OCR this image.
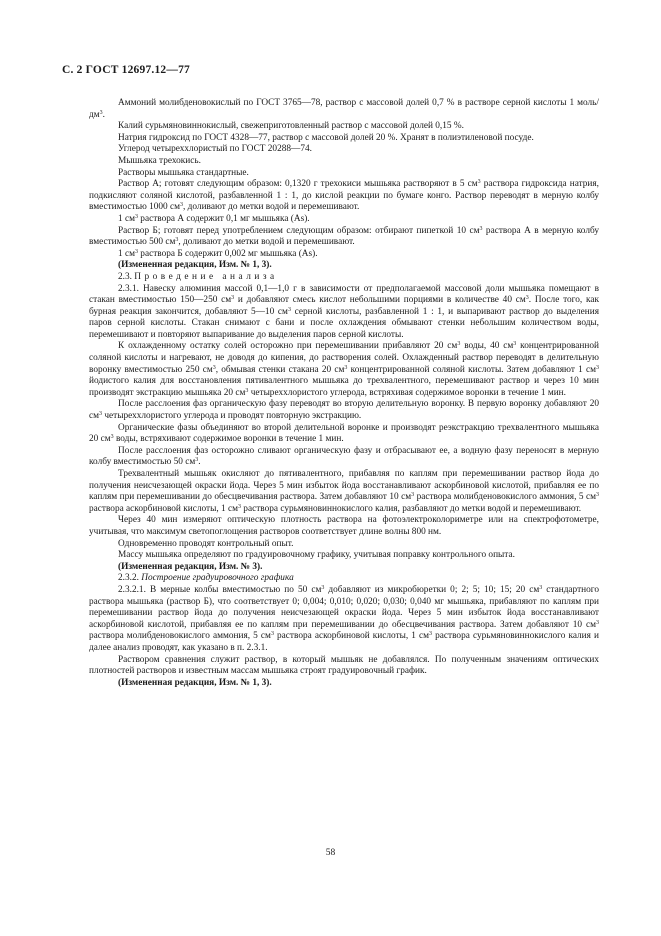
С. 2 ГОСТ 12697.12—77

Аммоний молибденовокислый по ГОСТ 3765—78, раствор с массовой долей 0,7 % в растворе серной кислоты 1 моль/$дм^3$.

Калий сурьмяновиннокислый, свежеприготовленный раствор с массовой долей 0,15 %.

Натрия гидроксид по ГОСТ 4328—77, раствор с массовой долей 20 %. Хранят в полиэтиленовой посуде.

Углерод четыреххлористый по ГОСТ 20288—74.

Мышьяка трехокись.

Растворы мышьяка стандартные.

Раствор А; готовят следующим образом: 0,1320 г трехокиси мышьяка растворяют в 5 $см^3$ раствора гидроксида натрия, подкисляют соляной кислотой, разбавленной 1 : 1, до кислой реакции по бумаге конго. Раствор переводят в мерную колбу вместимостью 1000 $см^3$, доливают до метки водой и перемешивают.

1 $см^3$ раствора А содержит 0,1 мг мышьяка (As).

Раствор Б; готовят перед употреблением следующим образом: отбирают пипеткой 10 $см^3$ раствора А в мерную колбу вместимостью 500 $см^3$, доливают до метки водой и перемешивают.

1 $см^3$ раствора Б содержит 0,002 мг мышьяка (As).

(Измененная редакция, Изм. № 1, 3).

2.3. Проведение анализа

2.3.1. Навеску алюминия массой 0,1—1,0 г в зависимости от предполагаемой массовой доли мышьяка помещают в стакан вместимостью 150—250 $см^3$ и добавляют смесь кислот небольшими порциями в количестве 40 $см^3$. После того, как бурная реакция закончится, добавляют 5—10 $см^3$ серной кислоты, разбавленной 1 : 1, и выпаривают раствор до выделения паров серной кислоты. Стакан снимают с бани и после охлаждения обмывают стенки небольшим количеством воды, перемешивают и повторяют выпаривание до выделения паров серной кислоты.

К охлажденному остатку солей осторожно при перемешивании прибавляют 20 $см^3$ воды, 40 $см^3$ концентрированной соляной кислоты и нагревают, не доводя до кипения, до растворения солей. Охлажденный раствор переводят в делительную воронку вместимостью 250 $см^3$, обмывая стенки стакана 20 $см^3$ концентрированной соляной кислоты. Затем добавляют 1 $см^3$ йодистого калия для восстановления пятивалентного мышьяка до трехвалентного, перемешивают раствор и через 10 мин производят экстракцию мышьяка 20 $см^3$ четыреххлористого углерода, встряхивая содержимое воронки в течение 1 мин.

После расслоения фаз органическую фазу переводят во вторую делительную воронку. В первую воронку добавляют 20 $см^3$ четыреххлористого углерода и проводят повторную экстракцию.

Органические фазы объединяют во второй делительной воронке и производят реэкстракцию трехвалентного мышьяка 20 $см^3$ воды, встряхивают содержимое воронки в течение 1 мин.

После расслоения фаз осторожно сливают органическую фазу и отбрасывают ее, а водную фазу переносят в мерную колбу вместимостью 50 $см^3$.

Трехвалентный мышьяк окисляют до пятивалентного, прибавляя по каплям при перемешивании раствор йода до получения неисчезающей окраски йода. Через 5 мин избыток йода восстанавливают аскорбиновой кислотой, прибавляя ее по каплям при перемешивании до обесцвечивания раствора. Затем добавляют 10 $см^3$ раствора молибденовокислого аммония, 5 $см^3$ раствора аскорбиновой кислоты, 1 $см^3$ раствора сурьмяновиннокислого калия, разбавляют до метки водой и перемешивают.

Через 40 мин измеряют оптическую плотность раствора на фотоэлектроколориметре или на спектрофотометре, учитывая, что максимум светопоглощения растворов соответствует длине волны 800 нм.

Одновременно проводят контрольный опыт.

Массу мышьяка определяют по градуировочному графику, учитывая поправку контрольного опыта.

(Измененная редакция, Изм. № 3).

2.3.2. Построение градуировочного графика

2.3.2.1. В мерные колбы вместимостью по 50 $см^3$ добавляют из микробюретки 0; 2; 5; 10; 15; 20 $см^3$ стандартного раствора мышьяка (раствор Б), что соответствует 0; 0,004; 0,010; 0,020; 0,030; 0,040 мг мышьяка, прибавляют по каплям при перемешивании раствор йода до получения неисчезающей окраски йода. Через 5 мин избыток йода восстанавливают аскорбиновой кислотой, прибавляя ее по каплям при перемешивании до обесцвечивания раствора. Затем добавляют 10 $см^3$ раствора молибденовокислого аммония, 5 $см^3$ раствора аскорбиновой кислоты, 1 $см^3$ раствора сурьмяновиннокислого калия и далее анализ проводят, как указано в п. 2.3.1.

Раствором сравнения служит раствор, в который мышьяк не добавлялся. По полученным значениям оптических плотностей растворов и известным массам мышьяка строят градуировочный график.

(Измененная редакция, Изм. № 1, 3).

58
